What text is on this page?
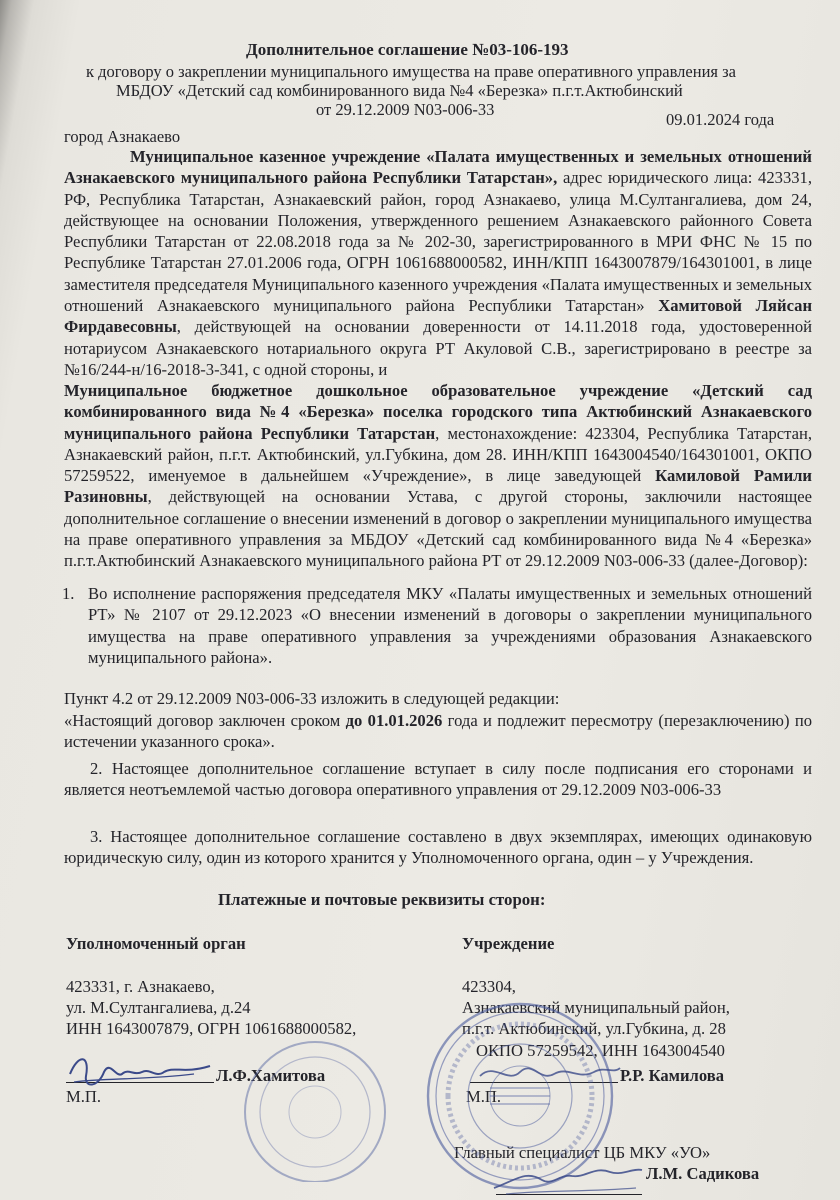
Дополнительное соглашение №03-106-193
к договору о закреплении муниципального имущества на праве оперативного управления за
МБДОУ «Детский сад комбинированного вида №4 «Березка» п.г.т.Актюбинский
от 29.12.2009 N03-006-33
09.01.2024 года
город Азнакаево
Муниципальное казенное учреждение «Палата имущественных и земельных отношений Азнакаевского муниципального района Республики Татарстан», адрес юридического лица: 423331, РФ, Республика Татарстан, Азнакаевский район, город Азнакаево, улица М.Султангалиева, дом 24, действующее на основании Положения, утвержденного решением Азнакаевского районного Совета Республики Татарстан от 22.08.2018 года за № 202-30, зарегистрированного в МРИ ФНС № 15 по Республике Татарстан 27.01.2006 года, ОГРН 1061688000582, ИНН/КПП 1643007879/164301001, в лице заместителя председателя Муниципального казенного учреждения «Палата имущественных и земельных отношений Азнакаевского муниципального района Республики Татарстан» Хамитовой Ляйсан Фирдавесовны, действующей на основании доверенности от 14.11.2018 года, удостоверенной нотариусом Азнакаевского нотариального округа РТ Акуловой С.В., зарегистрировано в реестре за №16/244-н/16-2018-3-341, с одной стороны, и
Муниципальное бюджетное дошкольное образовательное учреждение «Детский сад комбинированного вида №4 «Березка» поселка городского типа Актюбинский Азнакаевского муниципального района Республики Татарстан, местонахождение: 423304, Республика Татарстан, Азнакаевский район, п.г.т. Актюбинский, ул.Губкина, дом 28. ИНН/КПП 1643004540/164301001, ОКПО 57259522, именуемое в дальнейшем «Учреждение», в лице заведующей Камиловой Рамили Разиновны, действующей на основании Устава, с другой стороны, заключили настоящее дополнительное соглашение о внесении изменений в договор о закреплении муниципального имущества на праве оперативного управления за МБДОУ «Детский сад комбинированного вида №4 «Березка» п.г.т.Актюбинский Азнакаевского муниципального района РТ от 29.12.2009 N03-006-33 (далее-Договор):
1. Во исполнение распоряжения председателя МКУ «Палаты имущественных и земельных отношений РТ» № 2107 от 29.12.2023 «О внесении изменений в договоры о закреплении муниципального имущества на праве оперативного управления за учреждениями образования Азнакаевского муниципального района».
Пункт 4.2 от 29.12.2009 N03-006-33 изложить в следующей редакции:
«Настоящий договор заключен сроком до 01.01.2026 года и подлежит пересмотру (перезаключению) по истечении указанного срока».
2. Настоящее дополнительное соглашение вступает в силу после подписания его сторонами и является неотъемлемой частью договора оперативного управления от 29.12.2009 N03-006-33
3. Настоящее дополнительное соглашение составлено в двух экземплярах, имеющих одинаковую юридическую силу, один из которого хранится у Уполномоченного органа, один – у Учреждения.
Платежные и почтовые реквизиты сторон:
Уполномоченный орган
423331, г. Азнакаево,
ул. М.Султангалиева, д.24
ИНН 1643007879, ОГРН 1061688000582,
Л.Ф.Хамитова
М.П.
Учреждение
423304,
Азнакаевский муниципальный район,
п.г.т. Актюбинский, ул.Губкина, д. 28
ОКПО 57259542, ИНН 1643004540
Р.Р. Камилова
М.П.
Главный специалист ЦБ МКУ «УО»
Л.М. Садикова
